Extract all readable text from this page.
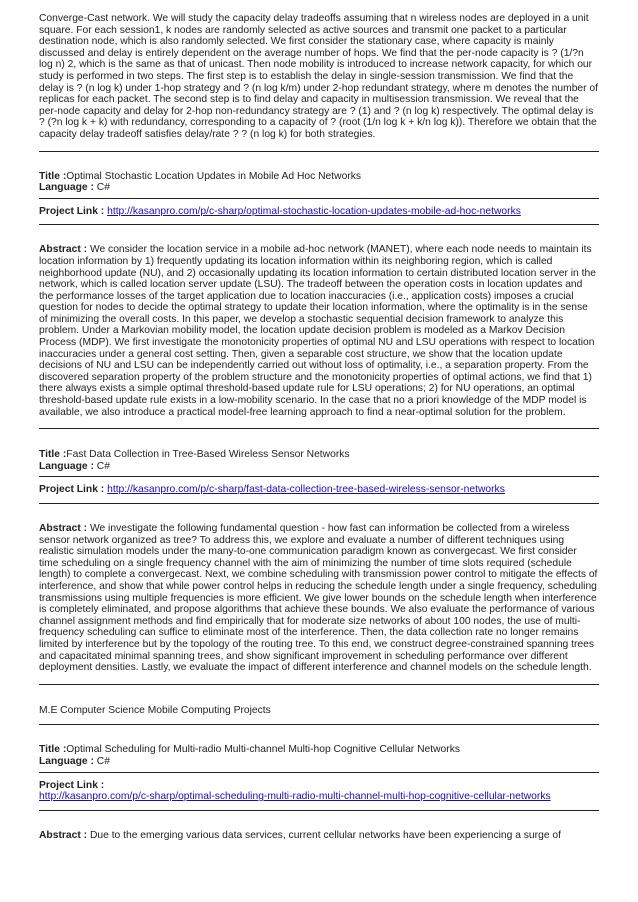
Converge-Cast network. We will study the capacity delay tradeoffs assuming that n wireless nodes are deployed in a unit square. For each session1, k nodes are randomly selected as active sources and transmit one packet to a particular destination node, which is also randomly selected. We first consider the stationary case, where capacity is mainly discussed and delay is entirely dependent on the average number of hops. We find that the per-node capacity is ? (1/?n log n) 2, which is the same as that of unicast. Then node mobility is introduced to increase network capacity, for which our study is performed in two steps. The first step is to establish the delay in single-session transmission. We find that the delay is ? (n log k) under 1-hop strategy and ? (n log k/m) under 2-hop redundant strategy, where m denotes the number of replicas for each packet. The second step is to find delay and capacity in multisession transmission. We reveal that the per-node capacity and delay for 2-hop non-redundancy strategy are ? (1) and ? (n log k) respectively. The optimal delay is ? (?n log k + k) with redundancy, corresponding to a capacity of ? (root (1/n log k + k/n log k)). Therefore we obtain that the capacity delay tradeoff satisfies delay/rate ? ? (n log k) for both strategies.

Title :Optimal Stochastic Location Updates in Mobile Ad Hoc Networks

Language : C#

Project Link : http://kasanpro.com/p/c-sharp/optimal-stochastic-location-updates-mobile-ad-hoc-networks

Abstract : We consider the location service in a mobile ad-hoc network (MANET), where each node needs to maintain its location information by 1) frequently updating its location information within its neighboring region, which is called neighborhood update (NU), and 2) occasionally updating its location information to certain distributed location server in the network, which is called location server update (LSU). The tradeoff between the operation costs in location updates and the performance losses of the target application due to location inaccuracies (i.e., application costs) imposes a crucial question for nodes to decide the optimal strategy to update their location information, where the optimality is in the sense of minimizing the overall costs. In this paper, we develop a stochastic sequential decision framework to analyze this problem. Under a Markovian mobility model, the location update decision problem is modeled as a Markov Decision Process (MDP). We first investigate the monotonicity properties of optimal NU and LSU operations with respect to location inaccuracies under a general cost setting. Then, given a separable cost structure, we show that the location update decisions of NU and LSU can be independently carried out without loss of optimality, i.e., a separation property. From the discovered separation property of the problem structure and the monotonicity properties of optimal actions, we find that 1) there always exists a simple optimal threshold-based update rule for LSU operations; 2) for NU operations, an optimal threshold-based update rule exists in a low-mobility scenario. In the case that no a priori knowledge of the MDP model is available, we also introduce a practical model-free learning approach to find a near-optimal solution for the problem.

Title :Fast Data Collection in Tree-Based Wireless Sensor Networks

Language : C#

Project Link : http://kasanpro.com/p/c-sharp/fast-data-collection-tree-based-wireless-sensor-networks

Abstract : We investigate the following fundamental question - how fast can information be collected from a wireless sensor network organized as tree? To address this, we explore and evaluate a number of different techniques using realistic simulation models under the many-to-one communication paradigm known as convergecast. We first consider time scheduling on a single frequency channel with the aim of minimizing the number of time slots required (schedule length) to complete a convergecast. Next, we combine scheduling with transmission power control to mitigate the effects of interference, and show that while power control helps in reducing the schedule length under a single frequency, scheduling transmissions using multiple frequencies is more efficient. We give lower bounds on the schedule length when interference is completely eliminated, and propose algorithms that achieve these bounds. We also evaluate the performance of various channel assignment methods and find empirically that for moderate size networks of about 100 nodes, the use of multi-frequency scheduling can suffice to eliminate most of the interference. Then, the data collection rate no longer remains limited by interference but by the topology of the routing tree. To this end, we construct degree-constrained spanning trees and capacitated minimal spanning trees, and show significant improvement in scheduling performance over different deployment densities. Lastly, we evaluate the impact of different interference and channel models on the schedule length.

M.E Computer Science Mobile Computing Projects

Title :Optimal Scheduling for Multi-radio Multi-channel Multi-hop Cognitive Cellular Networks

Language : C#

Project Link :

http://kasanpro.com/p/c-sharp/optimal-scheduling-multi-radio-multi-channel-multi-hop-cognitive-cellular-networks

Abstract : Due to the emerging various data services, current cellular networks have been experiencing a surge of
